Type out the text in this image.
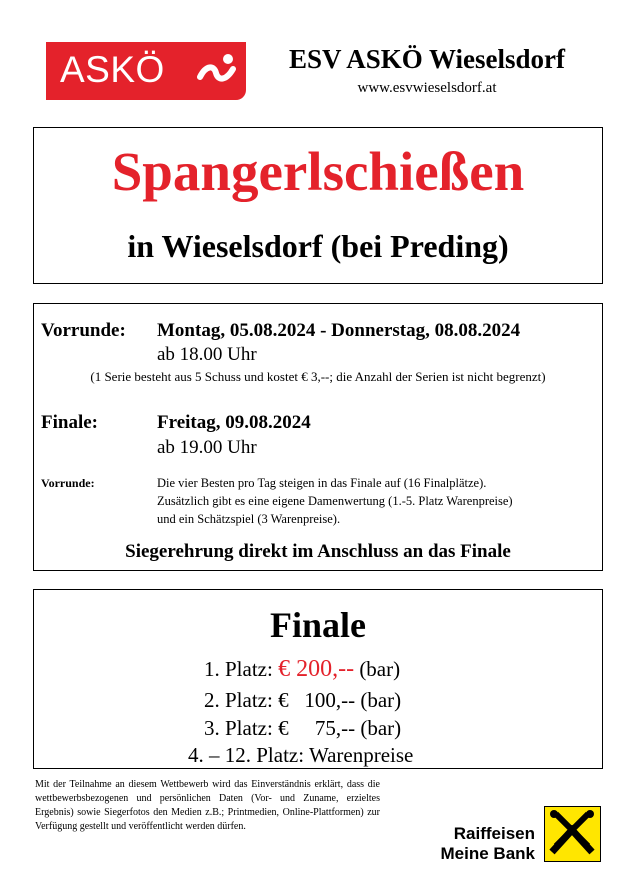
ASKÖ	ESV ASKÖ Wieselsdorf
www.esvwieselsdorf.at
Spangerlschießen
in Wieselsdorf (bei Preding)
Vorrunde: Montag, 05.08.2024 - Donnerstag, 08.08.2024
ab 18.00 Uhr
(1 Serie besteht aus 5 Schuss und kostet € 3,--; die Anzahl der Serien ist nicht begrenzt)
Finale:	Freitag, 09.08.2024
ab 19.00 Uhr
Vorrunde:	Die vier Besten pro Tag steigen in das Finale auf (16 Finalplätze).
Zusätzlich gibt es eine eigene Damenwertung (1.-5. Platz Warenpreise)
und ein Schätzspiel (3 Warenpreise).
Siegerehrung direkt im Anschluss an das Finale
Finale
1. Platz: € 200,-- (bar)
2. Platz: €   100,-- (bar)
3. Platz: €     75,-- (bar)
4. – 12. Platz: Warenpreise
Mit der Teilnahme an diesem Wettbewerb wird das Einverständnis erklärt, dass die wettbewerbsbezogenen und persönlichen Daten (Vor- und Zuname, erzieltes Ergebnis) sowie Siegerfotos den Medien z.B.; Printmedien, Online-Plattformen) zur Verfügung gestellt und veröffentlicht werden dürfen.	Raiffeisen
Meine Bank
